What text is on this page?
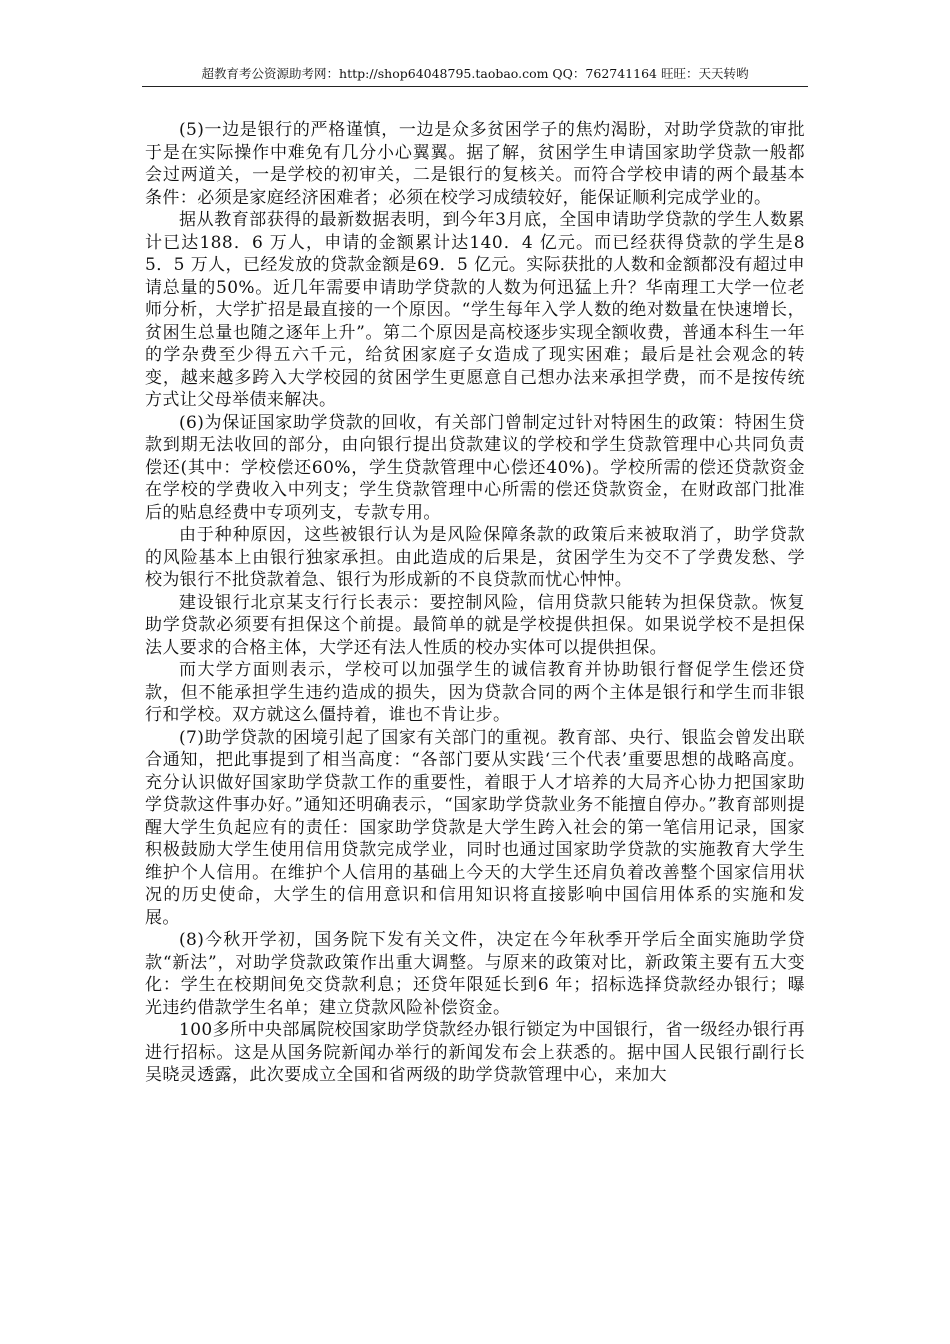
超教育考公资源助考网：http://shop64048795.taobao.com QQ：762741164 旺旺：天天转哟

(5)一边是银行的严格谨慎，一边是众多贫困学子的焦灼渴盼，对助学贷款的审批于是在实际操作中难免有几分小心翼翼。据了解，贫困学生申请国家助学贷款一般都会过两道关，一是学校的初审关，二是银行的复核关。而符合学校申请的两个最基本条件：必须是家庭经济困难者；必须在校学习成绩较好，能保证顺利完成学业的。

据从教育部获得的最新数据表明，到今年3月底，全国申请助学贷款的学生人数累计已达188．6 万人，申请的金额累计达140．4 亿元。而已经获得贷款的学生是85．5 万人，已经发放的贷款金额是69．5 亿元。实际获批的人数和金额都没有超过申请总量的50%。近几年需要申请助学贷款的人数为何迅猛上升？华南理工大学一位老师分析，大学扩招是最直接的一个原因。“学生每年入学人数的绝对数量在快速增长，贫困生总量也随之逐年上升”。第二个原因是高校逐步实现全额收费，普通本科生一年的学杂费至少得五六千元，给贫困家庭子女造成了现实困难；最后是社会观念的转变，越来越多跨入大学校园的贫困学生更愿意自己想办法来承担学费，而不是按传统方式让父母举债来解决。

(6)为保证国家助学贷款的回收，有关部门曾制定过针对特困生的政策：特困生贷款到期无法收回的部分，由向银行提出贷款建议的学校和学生贷款管理中心共同负责偿还(其中：学校偿还60%，学生贷款管理中心偿还40%)。学校所需的偿还贷款资金在学校的学费收入中列支；学生贷款管理中心所需的偿还贷款资金，在财政部门批准后的贴息经费中专项列支，专款专用。

由于种种原因，这些被银行认为是风险保障条款的政策后来被取消了，助学贷款的风险基本上由银行独家承担。由此造成的后果是，贫困学生为交不了学费发愁、学校为银行不批贷款着急、银行为形成新的不良贷款而忧心忡忡。

建设银行北京某支行行长表示：要控制风险，信用贷款只能转为担保贷款。恢复助学贷款必须要有担保这个前提。最简单的就是学校提供担保。如果说学校不是担保法人要求的合格主体，大学还有法人性质的校办实体可以提供担保。

而大学方面则表示，学校可以加强学生的诚信教育并协助银行督促学生偿还贷款，但不能承担学生违约造成的损失，因为贷款合同的两个主体是银行和学生而非银行和学校。双方就这么僵持着，谁也不肯让步。

(7)助学贷款的困境引起了国家有关部门的重视。教育部、央行、银监会曾发出联合通知，把此事提到了相当高度：“各部门要从实践‘三个代表’重要思想的战略高度。充分认识做好国家助学贷款工作的重要性，着眼于人才培养的大局齐心协力把国家助学贷款这件事办好。”通知还明确表示，“国家助学贷款业务不能擅自停办。”教育部则提醒大学生负起应有的责任：国家助学贷款是大学生跨入社会的第一笔信用记录，国家积极鼓励大学生使用信用贷款完成学业，同时也通过国家助学贷款的实施教育大学生维护个人信用。在维护个人信用的基础上今天的大学生还肩负着改善整个国家信用状况的历史使命，大学生的信用意识和信用知识将直接影响中国信用体系的实施和发展。

(8)今秋开学初，国务院下发有关文件，决定在今年秋季开学后全面实施助学贷款“新法”，对助学贷款政策作出重大调整。与原来的政策对比，新政策主要有五大变化：学生在校期间免交贷款利息；还贷年限延长到6 年；招标选择贷款经办银行；曝光违约借款学生名单；建立贷款风险补偿资金。

100多所中央部属院校国家助学贷款经办银行锁定为中国银行，省一级经办银行再进行招标。这是从国务院新闻办举行的新闻发布会上获悉的。据中国人民银行副行长吴晓灵透露，此次要成立全国和省两级的助学贷款管理中心，来加大
